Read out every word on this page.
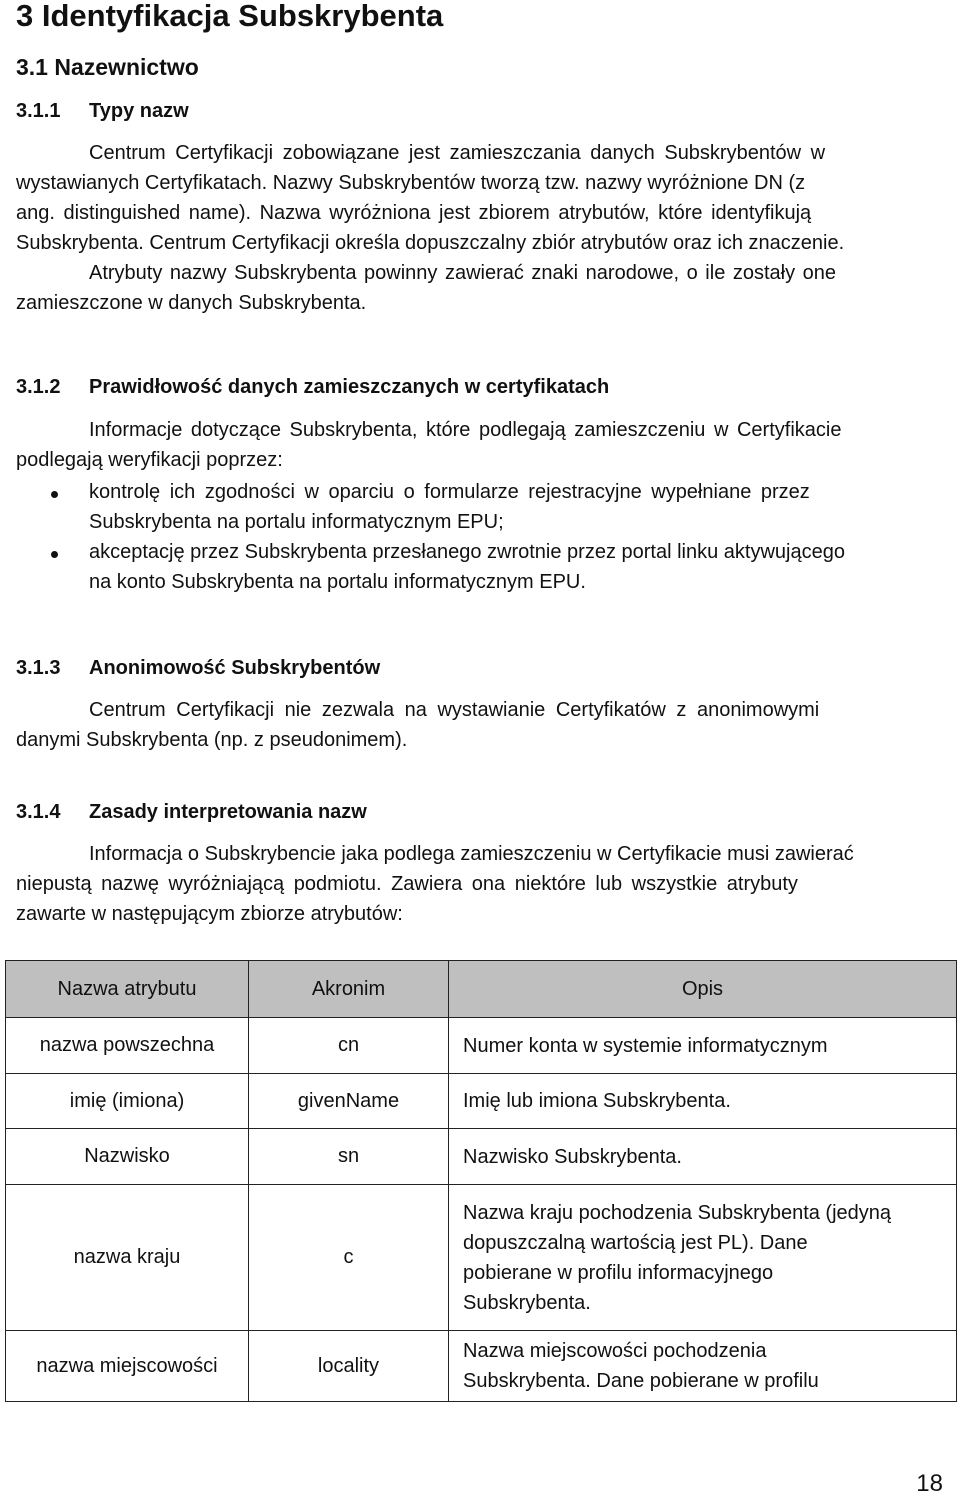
3 Identyfikacja Subskrybenta
3.1 Nazewnictwo
3.1.1 Typy nazw
Centrum Certyfikacji zobowiązane jest zamieszczania danych Subskrybentów w
wystawianych Certyfikatach. Nazwy Subskrybentów tworzą tzw. nazwy wyróżnione DN (z
ang. distinguished name). Nazwa wyróżniona jest zbiorem atrybutów, które identyfikują
Subskrybenta. Centrum Certyfikacji określa dopuszczalny zbiór atrybutów oraz ich znaczenie.
Atrybuty nazwy Subskrybenta powinny zawierać znaki narodowe, o ile zostały one
zamieszczone w danych Subskrybenta.
3.1.2 Prawidłowość danych zamieszczanych w certyfikatach
Informacje dotyczące Subskrybenta, które podlegają zamieszczeniu w Certyfikacie
podlegają weryfikacji poprzez:
kontrolę ich zgodności w oparciu o formularze rejestracyjne wypełniane przez
Subskrybenta na portalu informatycznym EPU;
akceptację przez Subskrybenta przesłanego zwrotnie przez portal linku aktywującego
na konto Subskrybenta na portalu informatycznym EPU.
3.1.3 Anonimowość Subskrybentów
Centrum Certyfikacji nie zezwala na wystawianie Certyfikatów z anonimowymi
danymi Subskrybenta (np. z pseudonimem).
3.1.4 Zasady interpretowania nazw
Informacja o Subskrybencie jaka podlega zamieszczeniu w Certyfikacie musi zawierać
niepustą nazwę wyróżniającą podmiotu. Zawiera ona niektóre lub wszystkie atrybuty
zawarte w następującym zbiorze atrybutów:
Nazwa atrybutu	Akronim	Opis
nazwa powszechna	cn	Numer konta w systemie informatycznym

imię (imiona)	givenName	Imię lub imiona Subskrybenta.

Nazwisko	sn	Nazwisko Subskrybenta.

nazwa kraju	c	Nazwa kraju pochodzenia Subskrybenta (jedyną
dopuszczalną wartością jest PL). Dane
pobierane w profilu informacyjnego
Subskrybenta.

nazwa miejscowości	locality	Nazwa miejscowości pochodzenia
Subskrybenta. Dane pobierane w profilu
18
